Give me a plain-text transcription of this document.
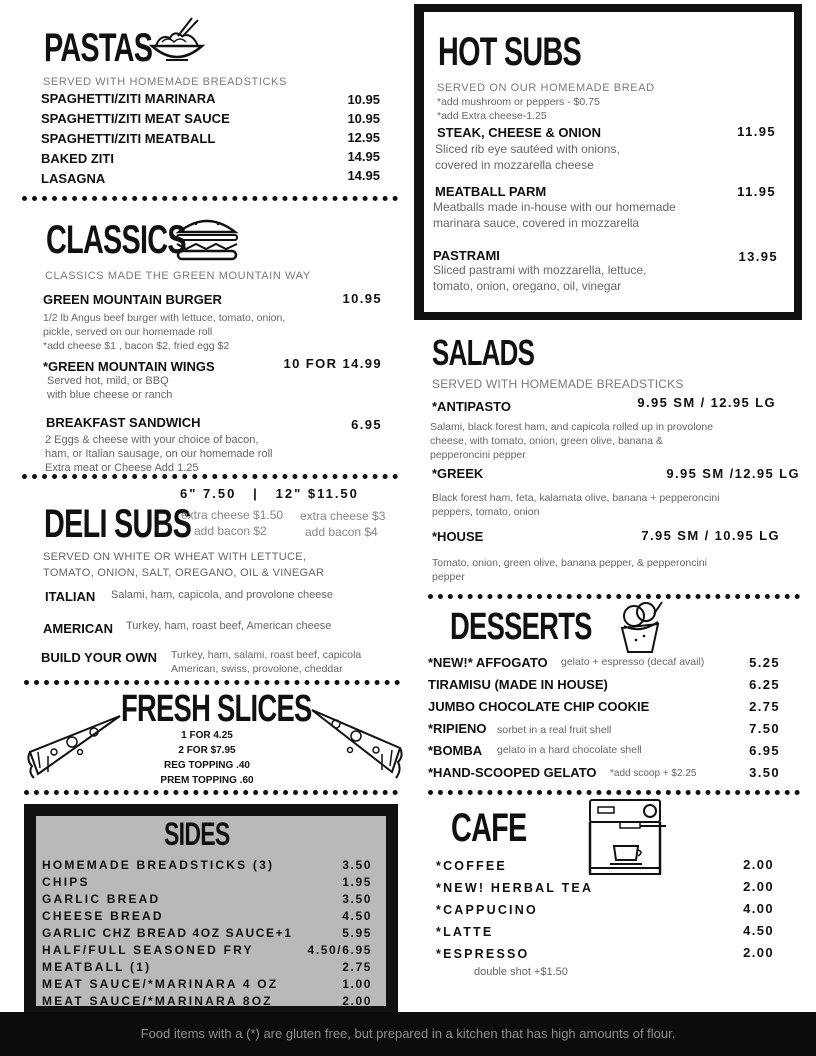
PASTAS
SERVED WITH HOMEMADE BREADSTICKS
SPAGHETTI/ZITI MARINARA	10.95
SPAGHETTI/ZITI MEAT SAUCE	10.95
SPAGHETTI/ZITI MEATBALL	12.95
BAKED ZITI	14.95
LASAGNA	14.95
CLASSICS
CLASSICS MADE THE GREEN MOUNTAIN WAY
GREEN MOUNTAIN BURGER	10.95
1/2 lb Angus beef burger with lettuce, tomato, onion,
pickle, served on our homemade roll
*add cheese $1 , bacon $2, fried egg $2
*GREEN MOUNTAIN WINGS	10 FOR 14.99
Served hot, mild, or BBQ
with blue cheese or ranch
BREAKFAST SANDWICH	6.95
2 Eggs & cheese with your choice of bacon,
ham, or Italian sausage, on our homemade roll
Extra meat or Cheese Add 1.25
6" 7.50   |   12" $11.50
DELI SUBS
extra cheese $1.50
add bacon $2
extra cheese $3
add bacon $4
SERVED ON WHITE OR WHEAT WITH LETTUCE,
TOMATO, ONION, SALT, OREGANO, OIL & VINEGAR
ITALIAN Salami, ham, capicola, and provolone cheese
AMERICAN Turkey, ham, roast beef, American cheese
BUILD YOUR OWN Turkey, ham, salami, roast beef, capicola
American, swiss, provolone, cheddar
FRESH SLICES
1 FOR 4.25
2 FOR $7.95
REG TOPPING .40
PREM TOPPING .60
SIDES
HOMEMADE BREADSTICKS (3)	3.50
CHIPS	1.95
GARLIC BREAD	3.50
CHEESE BREAD	4.50
GARLIC CHZ BREAD 4OZ SAUCE+1	5.95
HALF/FULL SEASONED FRY	4.50/6.95
MEATBALL (1)	2.75
MEAT SAUCE/*MARINARA 4 OZ	1.00
MEAT SAUCE/*MARINARA 8OZ	2.00
HOT SUBS
SERVED ON OUR HOMEMADE BREAD
*add mushroom or peppers - $0.75
*add Extra cheese-1.25
STEAK, CHEESE & ONION	11.95
Sliced rib eye sautéed with onions,
covered in mozzarella cheese
MEATBALL PARM	11.95
Meatballs made in-house with our homemade
marinara sauce, covered in mozzarella
PASTRAMI	13.95
Sliced pastrami with mozzarella, lettuce,
tomato, onion, oregano, oil, vinegar
SALADS
SERVED WITH HOMEMADE BREADSTICKS
*ANTIPASTO	9.95 SM / 12.95 LG
Salami, black forest ham, and capicola rolled up in provolone
cheese, with tomato, onion, green olive, banana &
pepperoncini pepper
*GREEK	9.95 SM /12.95 LG
Black forest ham, feta, kalamata olive, banana + pepperoncini
peppers, tomato, onion
*HOUSE	7.95 SM / 10.95 LG
Tomato, onion, green olive, banana pepper, & pepperoncini
pepper
DESSERTS
*NEW!* AFFOGATO gelato + espresso (decaf avail)	5.25
TIRAMISU (MADE IN HOUSE)	6.25
JUMBO CHOCOLATE CHIP COOKIE	2.75
*RIPIENO sorbet in a real fruit shell	7.50
*BOMBA gelato in a hard chocolate shell	6.95
*HAND-SCOOPED GELATO *add scoop + $2.25	3.50
CAFE
*COFFEE	2.00
*NEW! HERBAL TEA	2.00
*CAPPUCINO	4.00
*LATTE	4.50
*ESPRESSO	2.00
double shot +$1.50
Food items with a (*) are gluten free, but prepared in a kitchen that has high amounts of flour.
